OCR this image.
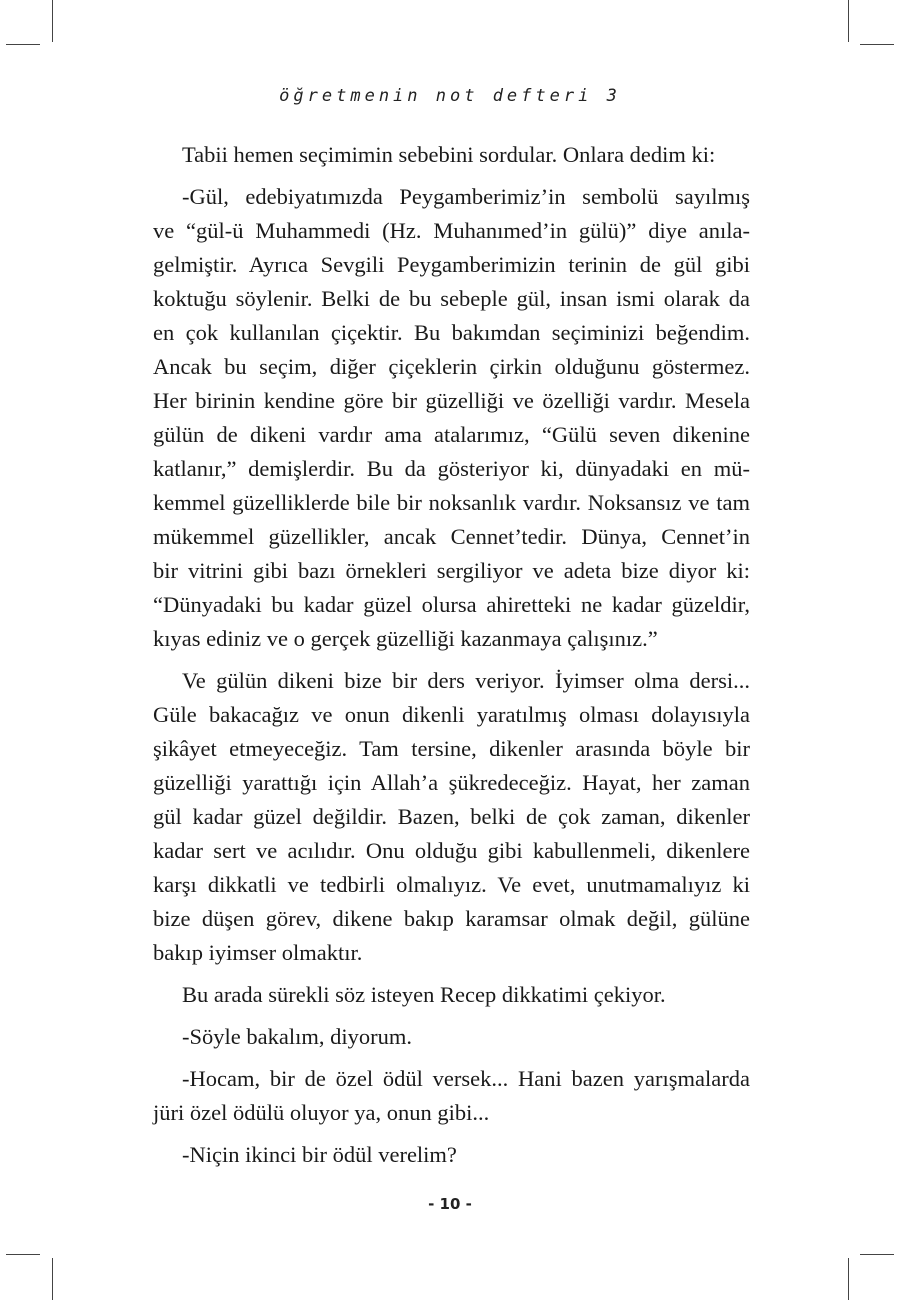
öğretmenin not defteri 3
Tabii hemen seçimimin sebebini sordular. Onlara dedim ki:
-Gül, edebiyatımızda Peygamberimiz’in sembolü sayılmış
ve “gül-ü Muhammedi (Hz. Muhanımed’in gülü)” diye anıla-
gelmiştir. Ayrıca Sevgili Peygamberimizin terinin de gül gibi
koktuğu söylenir. Belki de bu sebeple gül, insan ismi olarak da
en çok kullanılan çiçektir. Bu bakımdan seçiminizi beğendim.
Ancak bu seçim, diğer çiçeklerin çirkin olduğunu göstermez.
Her birinin kendine göre bir güzelliği ve özelliği vardır. Mesela
gülün de dikeni vardır ama atalarımız, “Gülü seven dikenine
katlanır,” demişlerdir. Bu da gösteriyor ki, dünyadaki en mü-
kemmel güzelliklerde bile bir noksanlık vardır. Noksansız ve tam
mükemmel güzellikler, ancak Cennet’tedir. Dünya, Cennet’in
bir vitrini gibi bazı örnekleri sergiliyor ve adeta bize diyor ki:
“Dünyadaki bu kadar güzel olursa ahiretteki ne kadar güzeldir,
kıyas ediniz ve o gerçek güzelliği kazanmaya çalışınız.”
Ve gülün dikeni bize bir ders veriyor. İyimser olma dersi...
Güle bakacağız ve onun dikenli yaratılmış olması dolayısıyla
şikâyet etmeyeceğiz. Tam tersine, dikenler arasında böyle bir
güzelliği yarattığı için Allah’a şükredeceğiz. Hayat, her zaman
gül kadar güzel değildir. Bazen, belki de çok zaman, dikenler
kadar sert ve acılıdır. Onu olduğu gibi kabullenmeli, dikenlere
karşı dikkatli ve tedbirli olmalıyız. Ve evet, unutmamalıyız ki
bize düşen görev, dikene bakıp karamsar olmak değil, gülüne
bakıp iyimser olmaktır.
Bu arada sürekli söz isteyen Recep dikkatimi çekiyor.
-Söyle bakalım, diyorum.
-Hocam, bir de özel ödül versek... Hani bazen yarışmalarda
jüri özel ödülü oluyor ya, onun gibi...
-Niçin ikinci bir ödül verelim?
- 10 -
